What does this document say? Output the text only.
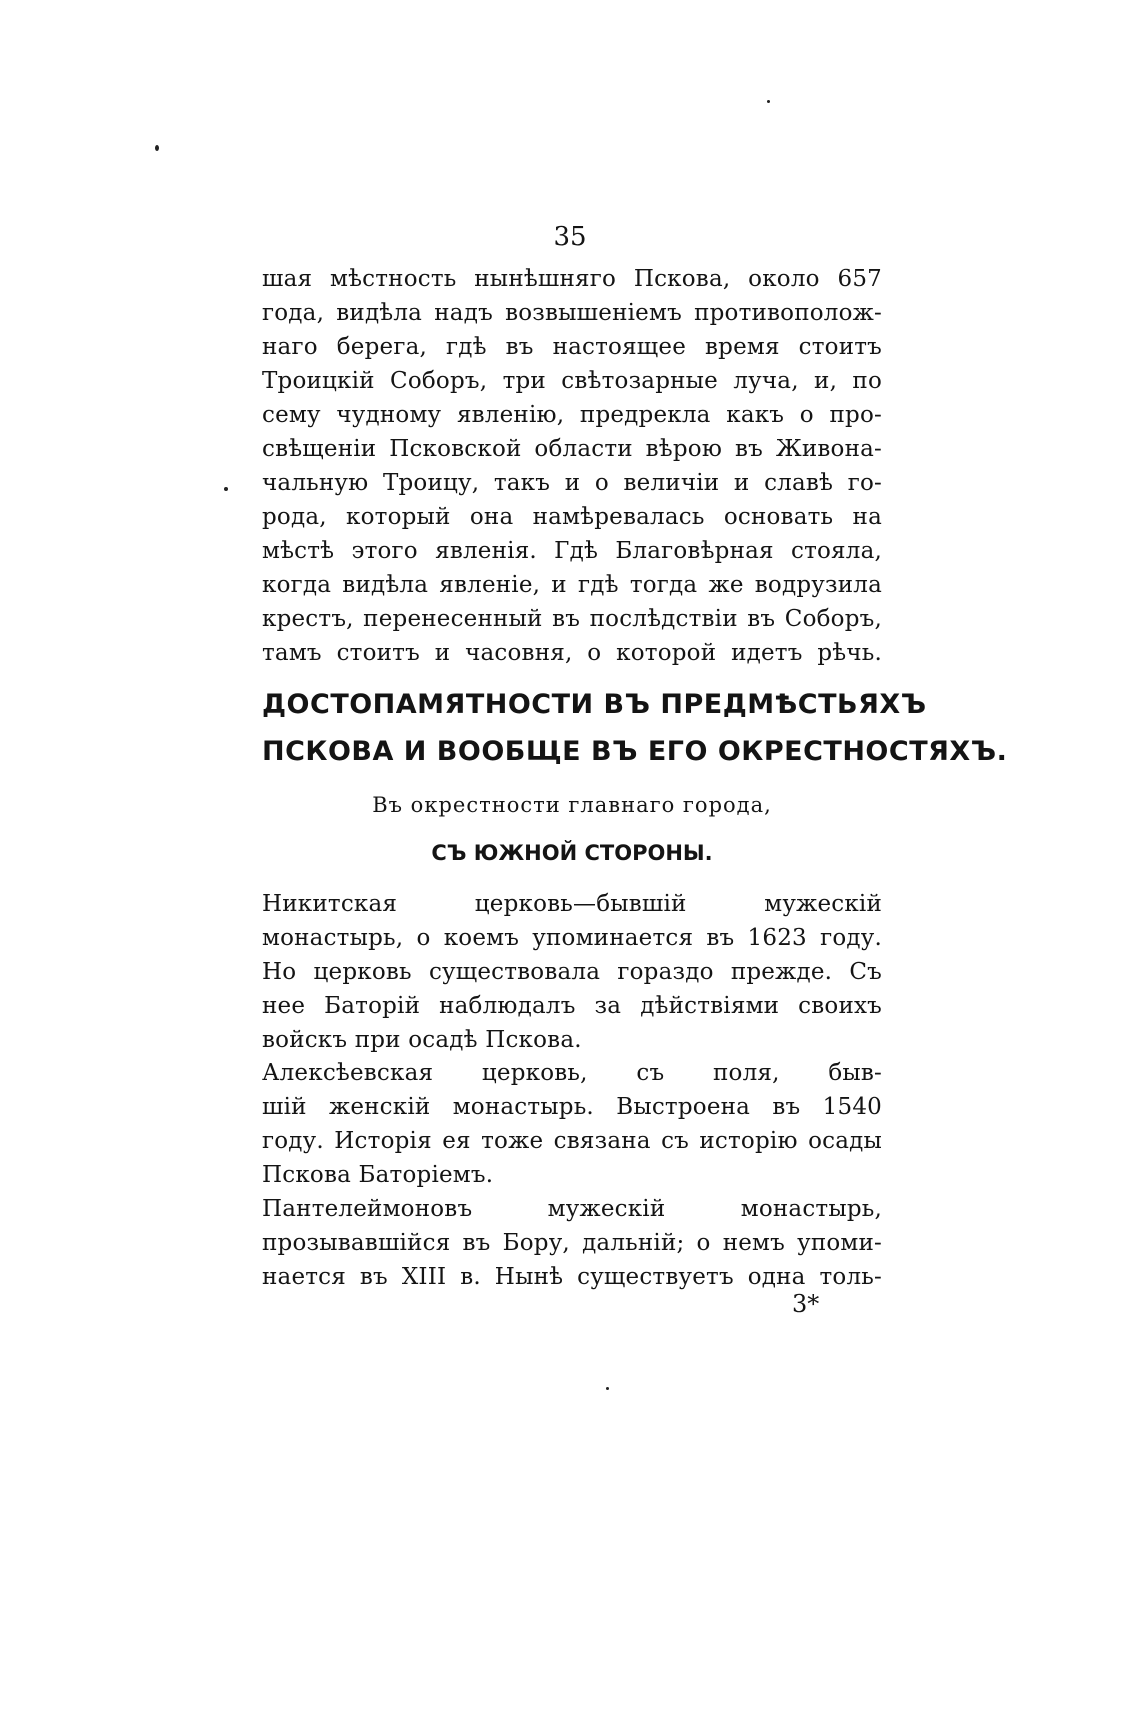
35
шая мѣстность нынѣшняго Пскова, около 657
года, видѣла надъ возвышеніемъ противополож-
наго берега, гдѣ въ настоящее время стоитъ
Троицкій Соборъ, три свѣтозарные луча, и, по
сему чудному явленію, предрекла какъ о про-
свѣщеніи Псковской области вѣрою въ Живона-
чальную Троицу, такъ и о величіи и славѣ го-
рода, который она намѣревалась основать на
мѣстѣ этого явленія. Гдѣ Благовѣрная стояла,
когда видѣла явленіе, и гдѣ тогда же водрузила
крестъ, перенесенный въ послѣдствіи въ Соборъ,
тамъ стоитъ и часовня, о которой идетъ рѣчь.
ДОСТОПАМЯТНОСТИ ВЪ ПРЕДМѢСТЬЯХЪ
ПСКОВА И ВООБЩЕ ВЪ ЕГО ОКРЕСТНОСТЯХЪ.
Въ окрестности главнаго города,
СЪ ЮЖНОЙ СТОРОНЫ.
Никитская церковь—бывшій мужескій
монастырь, о коемъ упоминается въ 1623 году.
Но церковь существовала гораздо прежде. Съ
нее Баторій наблюдалъ за дѣйствіями своихъ
войскъ при осадѣ Пскова.
Алексѣевская церковь, съ поля, быв-
шій женскій монастырь. Выстроена въ 1540
году. Исторія ея тоже связана съ исторію осады
Пскова Баторіемъ.
Пантелеймоновъ мужескій монастырь,
прозывавшійся въ Бору, дальній; о немъ упоми-
нается въ XIII в. Нынѣ существуетъ одна толь-
3*
